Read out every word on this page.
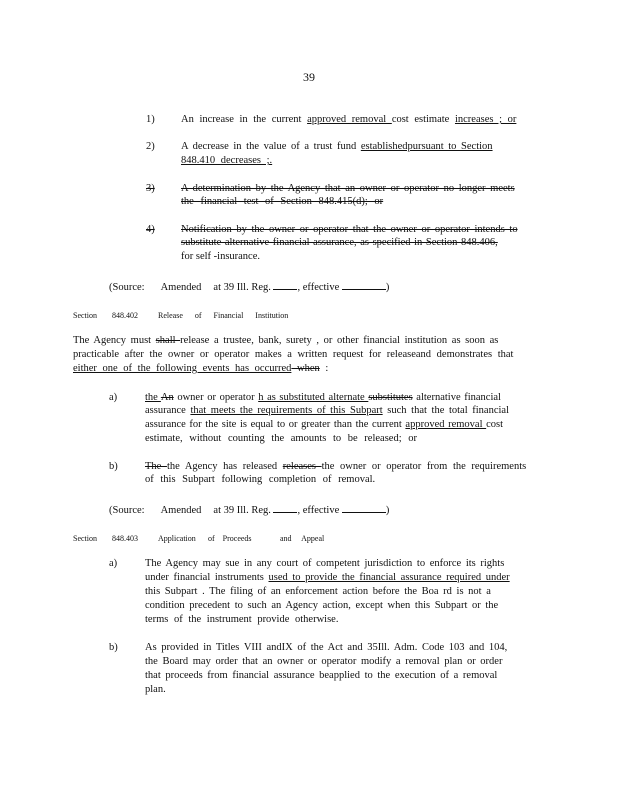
39
1)	An increase in the current approved removal cost estimate increases ; or
2)	A decrease in the value of a trust fund establishedpursuant to Section
848.410 decreases ;.
3)	A determination by the Agency that an owner or operator no longer meets
the financial test of Section 848.415(d); or
4)	Notification by the owner or operator that the owner or operator intends to
substitute alternative financial assurance, as specified in Section 848.406,
for self -insurance.
(Source: Amended at 39 Ill. Reg.	, effective	)
Section 848.402	Release of Financial Institution
The Agency must shall release a trustee, bank, surety , or other financial institution as soon as
practicable after the owner or operator makes a written request for releaseand demonstrates that
either one of the following events has occurred when :
a)	the An owner or operator h as substituted alternate substitutes alternative financial
assurance that meets the requirements of this Subpart such that the total financial
assurance for the site is equal to or greater than the current approved removal cost
estimate, without counting the amounts to be released; or
b)	The the Agency has released releases the owner or operator from the requirements
of this Subpart following completion of removal.
(Source: Amended at 39 Ill. Reg.	, effective	)
Section 848.403	Application of Proceeds	and Appeal
a)	The Agency may sue in any court of competent jurisdiction to enforce its rights
under financial instruments used to provide the financial assurance required under
this Subpart . The filing of an enforcement action before the Boa rd is not a
condition precedent to such an Agency action, except when this Subpart or the
terms of the instrument provide otherwise.
b)	As provided in Titles VIII andIX of the Act and 35Ill. Adm. Code 103 and 104,
the Board may order that an owner or operator modify a removal plan or order
that proceeds from financial assurance beapplied to the execution of a removal
plan.
